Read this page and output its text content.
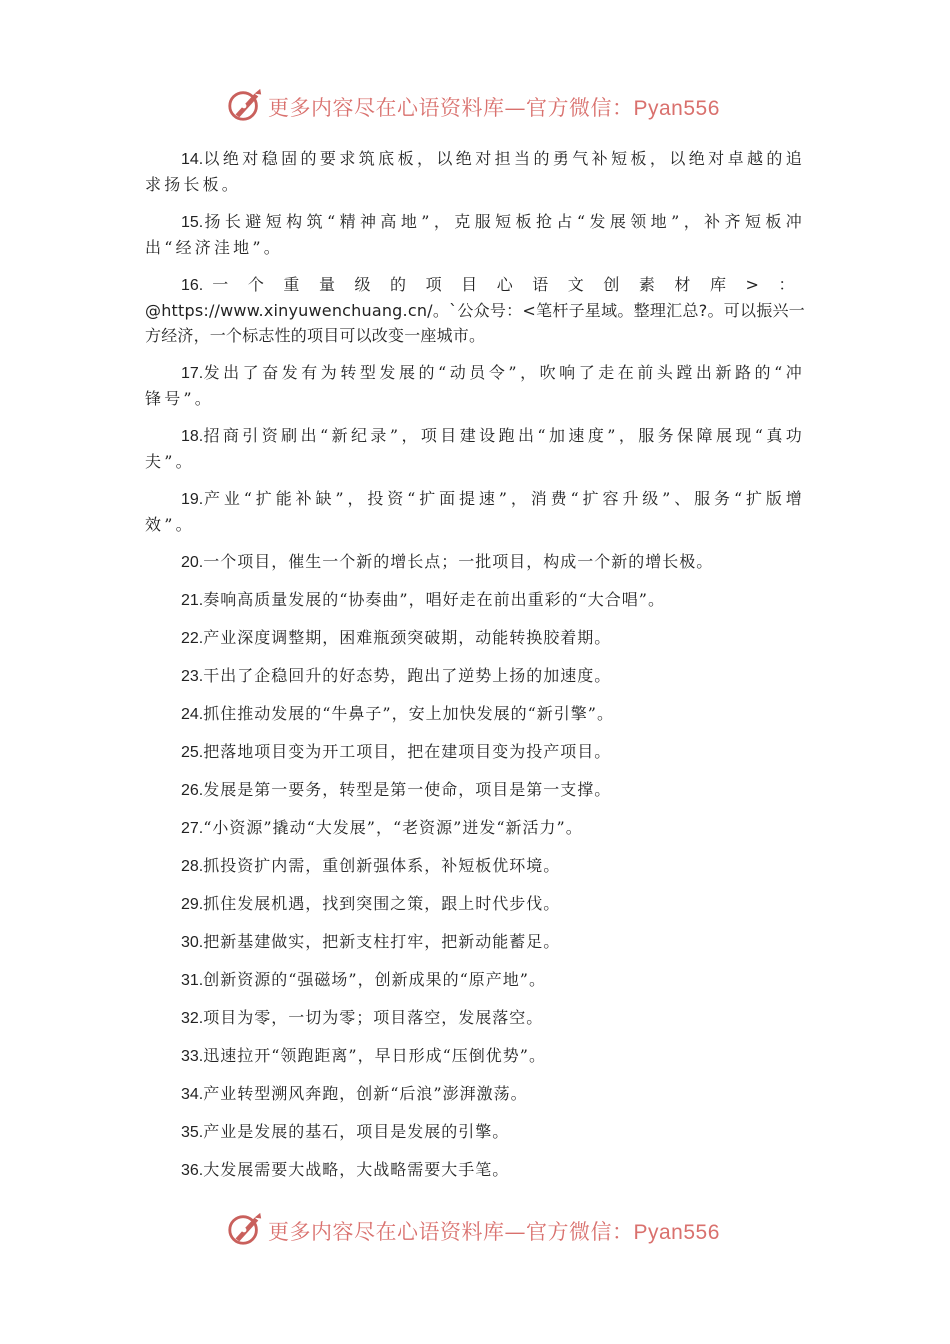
更多内容尽在心语资料库—官方微信：Pyan556

14.以绝对稳固的要求筑底板，以绝对担当的勇气补短板，以绝对卓越的追求扬长板。

15.扬长避短构筑“精神高地”，克服短板抢占“发展领地”，补齐短板冲出“经济洼地”。

16.一个重量级的项目心语文创素材库>：@https://www.xinyuwenchuang.cn/。`公众号：<笔杆子星域。整理汇总?。可以振兴一方经济，一个标志性的项目可以改变一座城市。

17.发出了奋发有为转型发展的“动员令”，吹响了走在前头蹚出新路的“冲锋号”。

18.招商引资刷出“新纪录”，项目建设跑出“加速度”，服务保障展现“真功夫”。

19.产业“扩能补缺”，投资“扩面提速”，消费“扩容升级”、服务“扩版增效”。

20.一个项目，催生一个新的增长点；一批项目，构成一个新的增长极。

21.奏响高质量发展的“协奏曲”，唱好走在前出重彩的“大合唱”。

22.产业深度调整期，困难瓶颈突破期，动能转换胶着期。

23.干出了企稳回升的好态势，跑出了逆势上扬的加速度。

24.抓住推动发展的“牛鼻子”，安上加快发展的“新引擎”。

25.把落地项目变为开工项目，把在建项目变为投产项目。

26.发展是第一要务，转型是第一使命，项目是第一支撑。

27.“小资源”撬动“大发展”，“老资源”迸发“新活力”。

28.抓投资扩内需，重创新强体系，补短板优环境。

29.抓住发展机遇，找到突围之策，跟上时代步伐。

30.把新基建做实，把新支柱打牢，把新动能蓄足。

31.创新资源的“强磁场”，创新成果的“原产地”。

32.项目为零，一切为零；项目落空，发展落空。

33.迅速拉开“领跑距离”，早日形成“压倒优势”。

34.产业转型溯风奔跑，创新“后浪”澎湃激荡。

35.产业是发展的基石，项目是发展的引擎。

36.大发展需要大战略，大战略需要大手笔。

更多内容尽在心语资料库—官方微信：Pyan556
